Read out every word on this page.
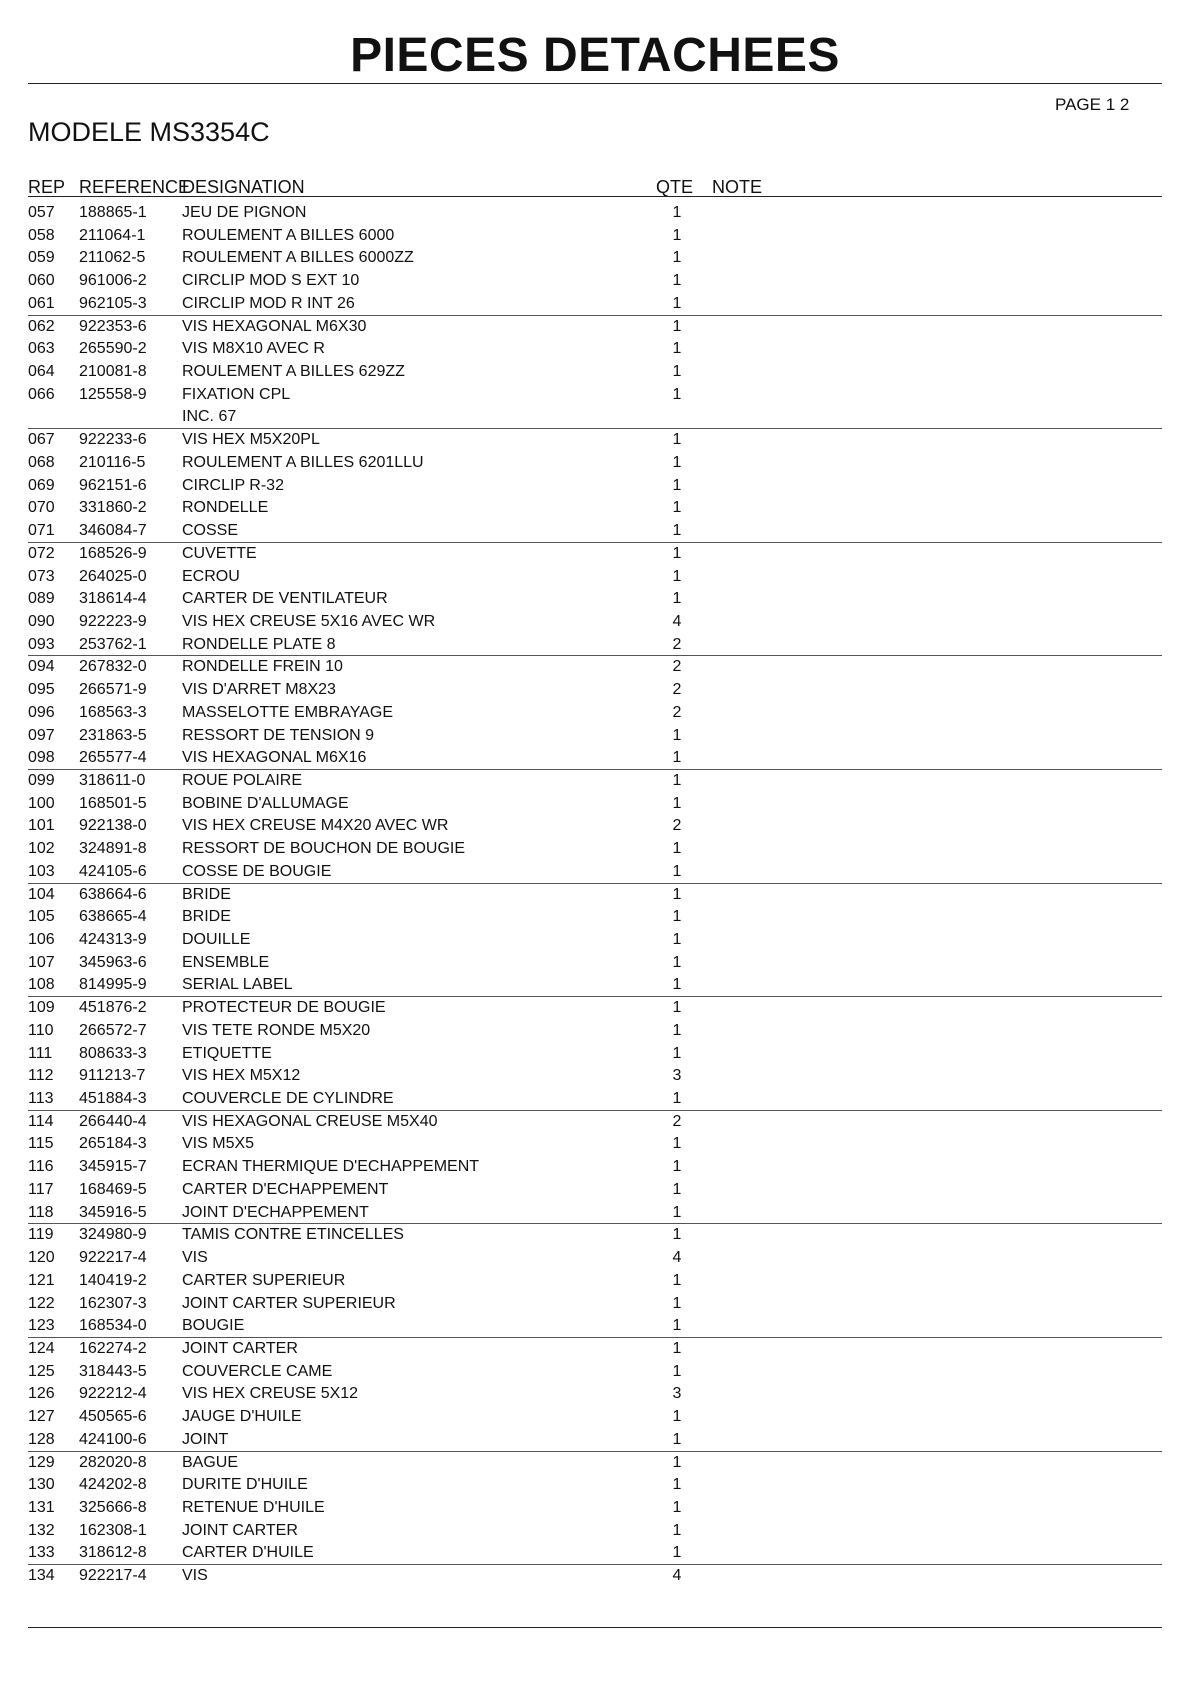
PIECES DETACHEES
PAGE 1 2
MODELE MS3354C
REP REFERENCE
DESIGNATION	QTE NOTE
057 188865-1 JEU DE PIGNON	1
058 211064-1 ROULEMENT A BILLES 6000	1
059 211062-5 ROULEMENT A BILLES 6000ZZ	1
060 961006-2 CIRCLIP MOD S EXT 10	1
061 962105-3 CIRCLIP MOD R INT 26	1
062 922353-6 VIS HEXAGONAL M6X30	1
063 265590-2 VIS M8X10 AVEC R	1
064 210081-8 ROULEMENT A BILLES 629ZZ	1
066 125558-9 FIXATION CPL	1
INC. 67
067 922233-6 VIS HEX M5X20PL	1
068 210116-5 ROULEMENT A BILLES 6201LLU	1
069 962151-6 CIRCLIP R-32	1
070 331860-2 RONDELLE	1
071 346084-7 COSSE	1
072 168526-9 CUVETTE	1
073 264025-0 ECROU	1
089 318614-4 CARTER DE VENTILATEUR	1
090 922223-9 VIS HEX CREUSE 5X16 AVEC WR	4
093 253762-1 RONDELLE PLATE 8	2
094 267832-0 RONDELLE FREIN 10	2
095 266571-9 VIS D'ARRET M8X23	2
096 168563-3 MASSELOTTE EMBRAYAGE	2
097 231863-5 RESSORT DE TENSION 9	1
098 265577-4 VIS HEXAGONAL M6X16	1
099 318611-0 ROUE POLAIRE	1
100 168501-5 BOBINE D'ALLUMAGE	1
101 922138-0 VIS HEX CREUSE M4X20 AVEC WR	2
102 324891-8 RESSORT DE BOUCHON DE BOUGIE	1
103 424105-6 COSSE DE BOUGIE	1
104 638664-6 BRIDE	1
105 638665-4 BRIDE	1
106 424313-9 DOUILLE	1
107 345963-6 ENSEMBLE	1
108 814995-9 SERIAL LABEL	1
109 451876-2 PROTECTEUR DE BOUGIE	1
110 266572-7 VIS TETE RONDE M5X20	1
111 808633-3 ETIQUETTE	1
112 911213-7 VIS HEX M5X12	3
113 451884-3 COUVERCLE DE CYLINDRE	1
114 266440-4 VIS HEXAGONAL CREUSE M5X40	2
115 265184-3 VIS M5X5	1
116 345915-7 ECRAN THERMIQUE D'ECHAPPEMENT	1
117 168469-5 CARTER D'ECHAPPEMENT	1
118 345916-5 JOINT D'ECHAPPEMENT	1
119 324980-9 TAMIS CONTRE ETINCELLES	1
120 922217-4 VIS	4
121 140419-2 CARTER SUPERIEUR	1
122 162307-3 JOINT CARTER SUPERIEUR	1
123 168534-0 BOUGIE	1
124 162274-2 JOINT CARTER	1
125 318443-5 COUVERCLE CAME	1
126 922212-4 VIS HEX CREUSE 5X12	3
127 450565-6 JAUGE D'HUILE	1
128 424100-6 JOINT	1
129 282020-8 BAGUE	1
130 424202-8 DURITE D'HUILE	1
131 325666-8 RETENUE D'HUILE	1
132 162308-1 JOINT CARTER	1
133 318612-8 CARTER D'HUILE	1
134 922217-4 VIS	4
